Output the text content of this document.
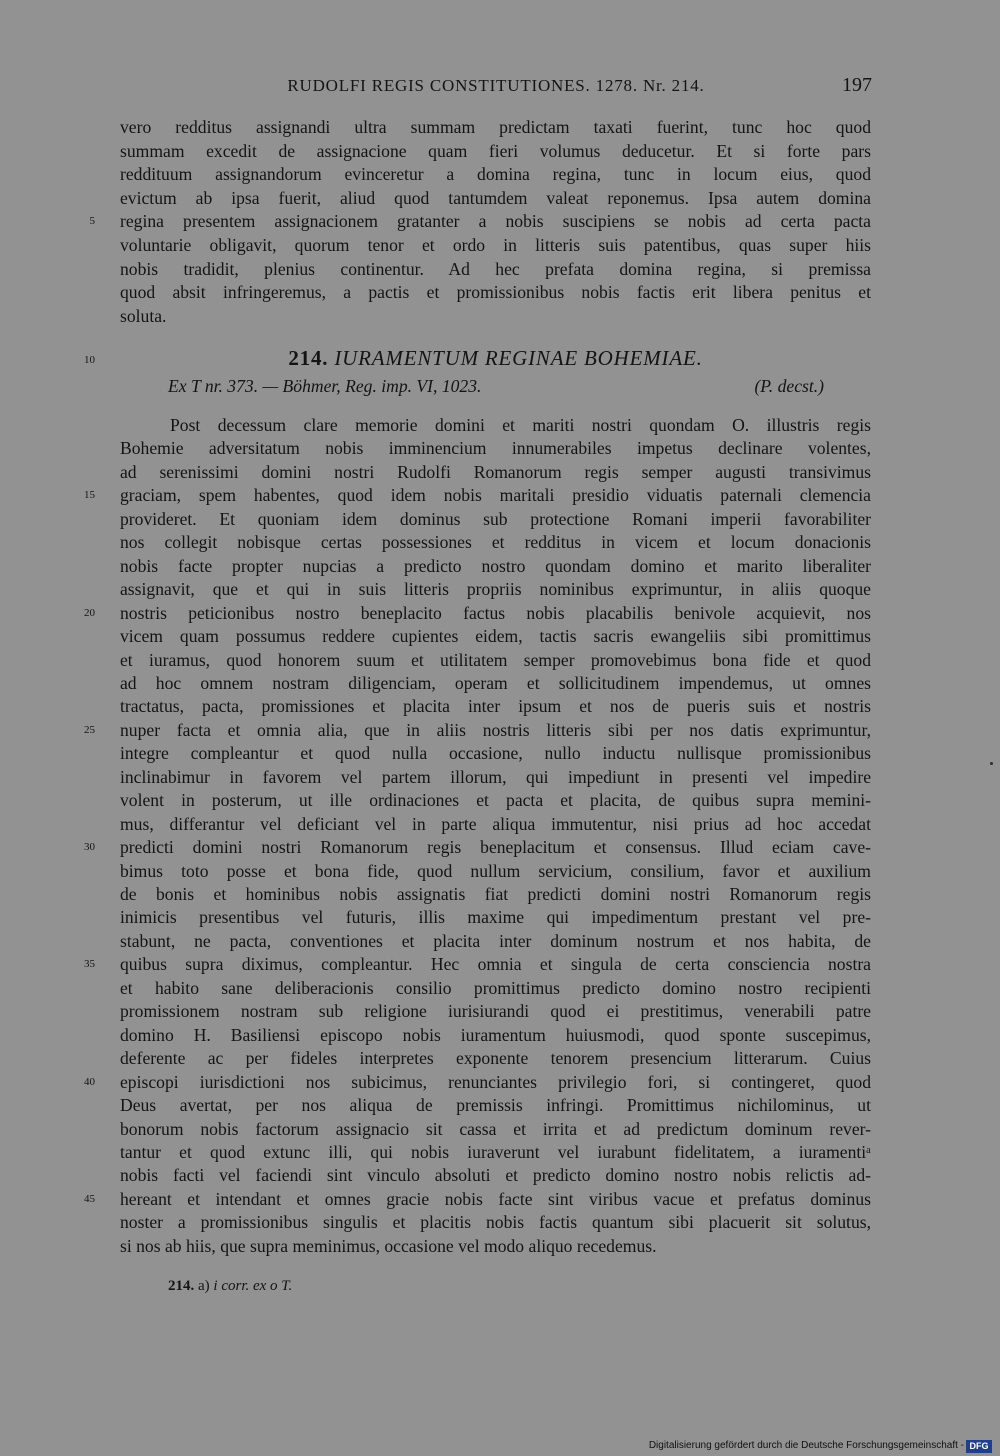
RUDOLFI REGIS CONSTITUTIONES. 1278. Nr. 214.	197
vero redditus assignandi ultra summam predictam taxati fuerint, tunc hoc quod
summam excedit de assignacione quam fieri volumus deducetur. Et si forte pars
reddituum assignandorum evinceretur a domina regina, tunc in locum eius, quod
evictum ab ipsa fuerit, aliud quod tantumdem valeat reponemus. Ipsa autem domina
regina presentem assignacionem gratanter a nobis suscipiens se nobis ad certa pacta
voluntarie obligavit, quorum tenor et ordo in litteris suis patentibus, quas super hiis
nobis tradidit, plenius continentur. Ad hec prefata domina regina, si premissa
quod absit infringeremus, a pactis et promissionibus nobis factis erit libera penitus et
soluta.
5
10	214. IURAMENTUM REGINAE BOHEMIAE.
Ex T nr. 373. — Böhmer, Reg. imp. VI, 1023.	(P. decst.)
Post decessum clare memorie domini et mariti nostri quondam O. illustris regis
Bohemie adversitatum nobis imminencium innumerabiles impetus declinare volentes,
ad serenissimi domini nostri Rudolfi Romanorum regis semper augusti transivimus
graciam, spem habentes, quod idem nobis maritali presidio viduatis paternali clemencia
provideret. Et quoniam idem dominus sub protectione Romani imperii favorabiliter
nos collegit nobisque certas possessiones et redditus in vicem et locum donacionis
nobis facte propter nupcias a predicto nostro quondam domino et marito liberaliter
assignavit, que et qui in suis litteris propriis nominibus exprimuntur, in aliis quoque
nostris peticionibus nostro beneplacito factus nobis placabilis benivole acquievit, nos
vicem quam possumus reddere cupientes eidem, tactis sacris ewangeliis sibi promittimus
et iuramus, quod honorem suum et utilitatem semper promovebimus bona fide et quod
ad hoc omnem nostram diligenciam, operam et sollicitudinem impendemus, ut omnes
tractatus, pacta, promissiones et placita inter ipsum et nos de pueris suis et nostris
nuper facta et omnia alia, que in aliis nostris litteris sibi per nos datis exprimuntur,
integre compleantur et quod nulla occasione, nullo inductu nullisque promissionibus
inclinabimur in favorem vel partem illorum, qui impediunt in presenti vel impedire
volent in posterum, ut ille ordinaciones et pacta et placita, de quibus supra memini-
mus, differantur vel deficiant vel in parte aliqua immutentur, nisi prius ad hoc accedat
predicti domini nostri Romanorum regis beneplacitum et consensus. Illud eciam cave-
bimus toto posse et bona fide, quod nullum servicium, consilium, favor et auxilium
de bonis et hominibus nobis assignatis fiat predicti domini nostri Romanorum regis
inimicis presentibus vel futuris, illis maxime qui impedimentum prestant vel pre-
stabunt, ne pacta, conventiones et placita inter dominum nostrum et nos habita, de
quibus supra diximus, compleantur. Hec omnia et singula de certa consciencia nostra
et habito sane deliberacionis consilio promittimus predicto domino nostro recipienti
promissionem nostram sub religione iurisiurandi quod ei prestitimus, venerabili patre
domino H. Basiliensi episcopo nobis iuramentum huiusmodi, quod sponte suscepimus,
deferente ac per fideles interpretes exponente tenorem presencium litterarum. Cuius
episcopi iurisdictioni nos subicimus, renunciantes privilegio fori, si contingeret, quod
Deus avertat, per nos aliqua de premissis infringi. Promittimus nichilominus, ut
bonorum nobis factorum assignacio sit cassa et irrita et ad predictum dominum rever-
tantur et quod extunc illi, qui nobis iuraverunt vel iurabunt fidelitatem, a iuramentiᵃ
nobis facti vel faciendi sint vinculo absoluti et predicto domino nostro nobis relictis ad-
hereant et intendant et omnes gracie nobis facte sint viribus vacue et prefatus dominus
noster a promissionibus singulis et placitis nobis factis quantum sibi placuerit sit solutus,
si nos ab hiis, que supra meminimus, occasione vel modo aliquo recedemus.
15
20
25
30
35
40
45
214. a) i corr. ex o T.
Digitalisierung gefördert durch die Deutsche Forschungsgemeinschaft - DFG
